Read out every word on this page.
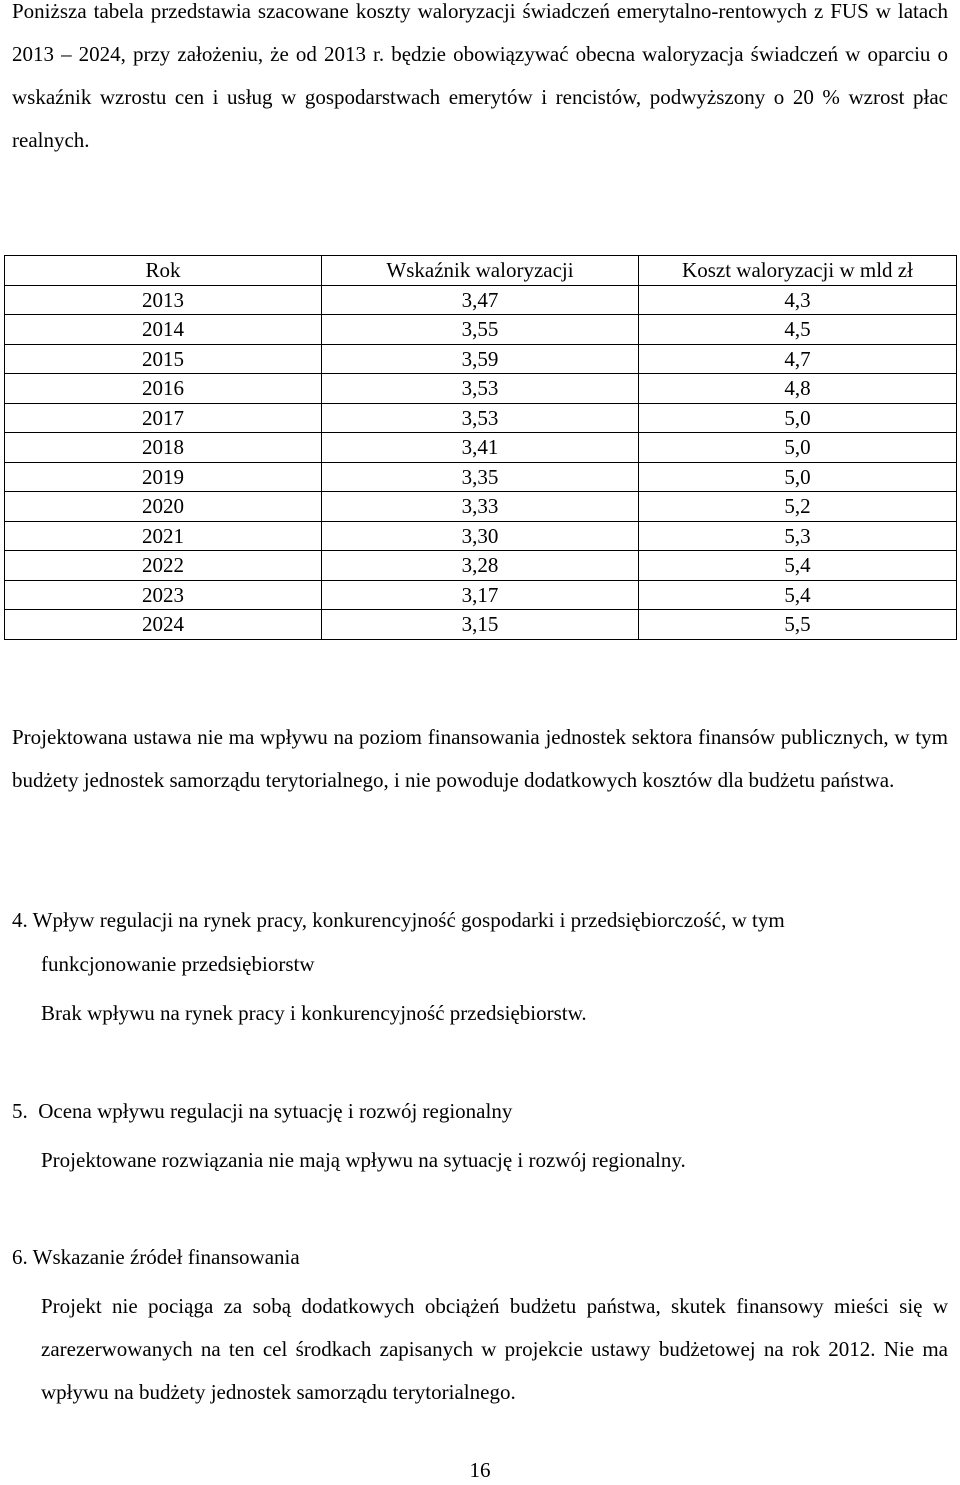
Poniższa tabela przedstawia szacowane koszty waloryzacji świadczeń emerytalno-rentowych z FUS w latach 2013 – 2024, przy założeniu, że od 2013 r. będzie obowiązywać obecna waloryzacja świadczeń w oparciu o wskaźnik wzrostu cen i usług w gospodarstwach emerytów i rencistów, podwyższony o 20 % wzrost płac realnych.

Rok	Wskaźnik waloryzacji	Koszt waloryzacji w mld zł
2013	3,47	4,3
2014	3,55	4,5
2015	3,59	4,7
2016	3,53	4,8
2017	3,53	5,0
2018	3,41	5,0
2019	3,35	5,0
2020	3,33	5,2
2021	3,30	5,3
2022	3,28	5,4
2023	3,17	5,4
2024	3,15	5,5

Projektowana ustawa nie ma wpływu na poziom finansowania jednostek sektora finansów publicznych, w tym budżety jednostek samorządu terytorialnego, i nie powoduje dodatkowych kosztów dla budżetu państwa.

4. Wpływ regulacji na rynek pracy, konkurencyjność gospodarki i przedsiębiorczość, w tym

funkcjonowanie przedsiębiorstw

Brak wpływu na rynek pracy i konkurencyjność przedsiębiorstw.

5. Ocena wpływu regulacji na sytuację i rozwój regionalny

Projektowane rozwiązania nie mają wpływu na sytuację i rozwój regionalny.

6. Wskazanie źródeł finansowania

Projekt nie pociąga za sobą dodatkowych obciążeń budżetu państwa, skutek finansowy mieści się w zarezerwowanych na ten cel środkach zapisanych w projekcie ustawy budżetowej na rok 2012. Nie ma wpływu na budżety jednostek samorządu terytorialnego.

16
